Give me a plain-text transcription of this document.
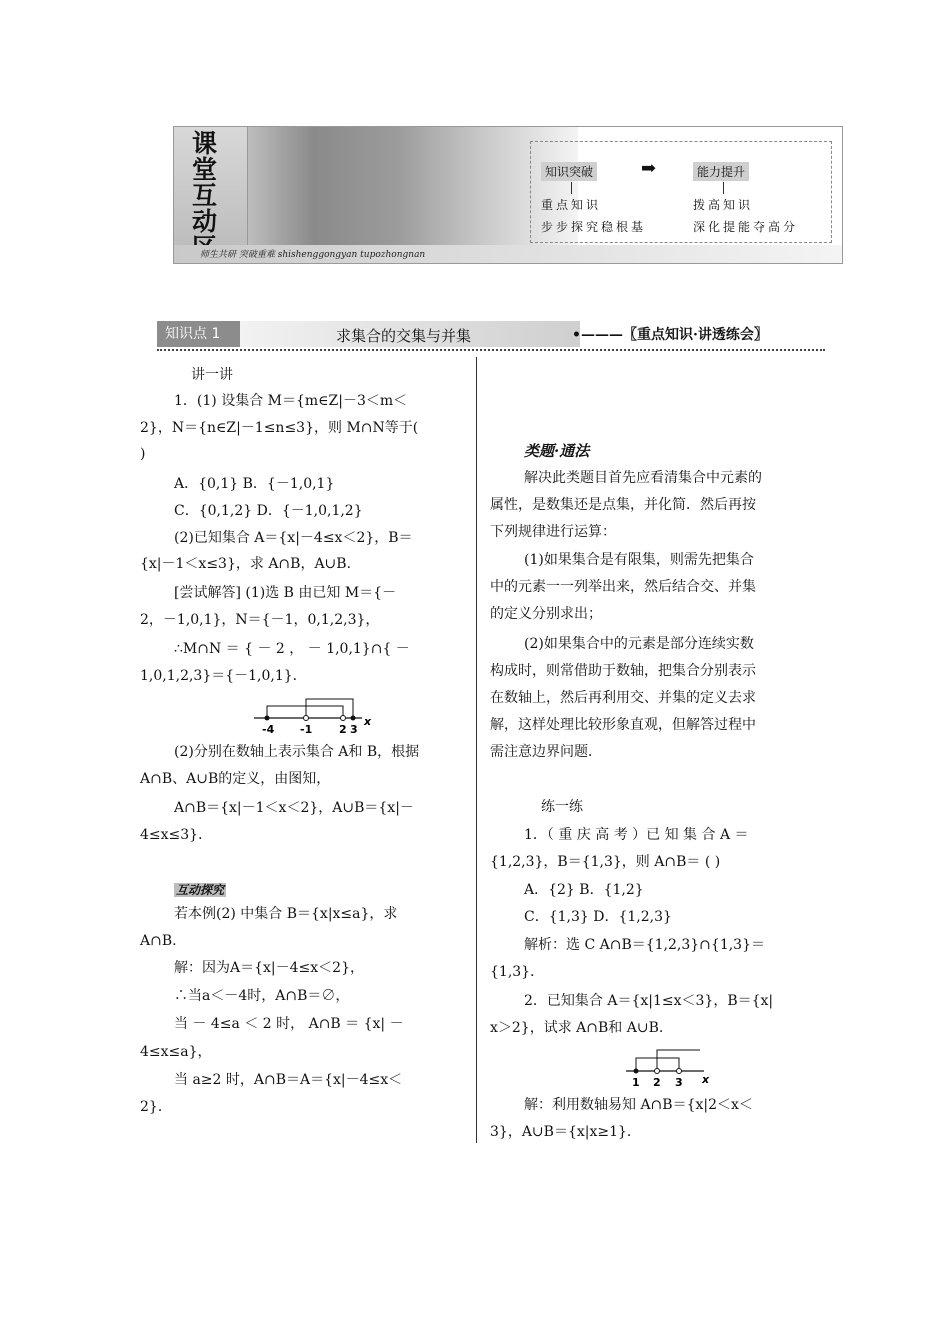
课堂互动
师生共研 突破重难 shishenggongyan tupozhongnan
知识突破	➡	能力提升
重点知识
步步探究稳根基
拨高知识
深化提能夺高分
知识点 1	求集合的交集与并集	•———〖重点知识·讲透练会〗
讲一讲
1．(1) 设集合 M＝{m∈Z|－3＜m＜
2}，N＝{n∈Z|－1≤n≤3}，则 M∩N等于(
)
A．{0,1} B．{－1,0,1}
C．{0,1,2} D．{－1,0,1,2}
(2)已知集合 A＝{x|－4≤x＜2}，B＝
{x|－1＜x≤3}，求 A∩B，A∪B.
[尝试解答] (1)选 B 由已知 M＝{－
2，－1,0,1}，N＝{－1，0,1,2,3}，
∴M∩N ＝ { － 2 ， － 1,0,1}∩{ －
1,0,1,2,3}＝{－1,0,1}．
-4 -1 2 3
x
(2)分别在数轴上表示集合 A和 B，根据
A∩B、A∪B的定义，由图知，
A∩B＝{x|－1＜x＜2}，A∪B＝{x|－
4≤x≤3}．
互动探究
若本例(2) 中集合 B＝{x|x≤a}，求
A∩B.
解：因为A＝{x|－4≤x＜2}，
∴当a＜－4时，A∩B＝∅，
当 － 4≤a ＜ 2 时， A∩B ＝ {x| －
4≤x≤a}，
当 a≥2 时，A∩B＝A＝{x|－4≤x＜
2}．
类题·通法
解决此类题目首先应看清集合中元素的
属性，是数集还是点集，并化简．然后再按
下列规律进行运算：
(1)如果集合是有限集，则需先把集合
中的元素一一列举出来，然后结合交、并集
的定义分别求出；
(2)如果集合中的元素是部分连续实数
构成时，则常借助于数轴，把集合分别表示
在数轴上，然后再利用交、并集的定义去求
解，这样处理比较形象直观，但解答过程中
需注意边界问题．
练一练
1．（ 重 庆 高 考 ）已 知 集 合 A ＝
{1,2,3}，B＝{1,3}，则 A∩B＝ ( )
A．{2} B．{1,2}
C．{1,3} D．{1,2,3}
解析：选 C A∩B＝{1,2,3}∩{1,3}＝
{1,3}．
2．已知集合 A＝{x|1≤x＜3}，B＝{x|
x＞2}，试求 A∩B和 A∪B.
1 2 3 x
解：利用数轴易知 A∩B＝{x|2＜x＜
3}，A∪B＝{x|x≥1}．
